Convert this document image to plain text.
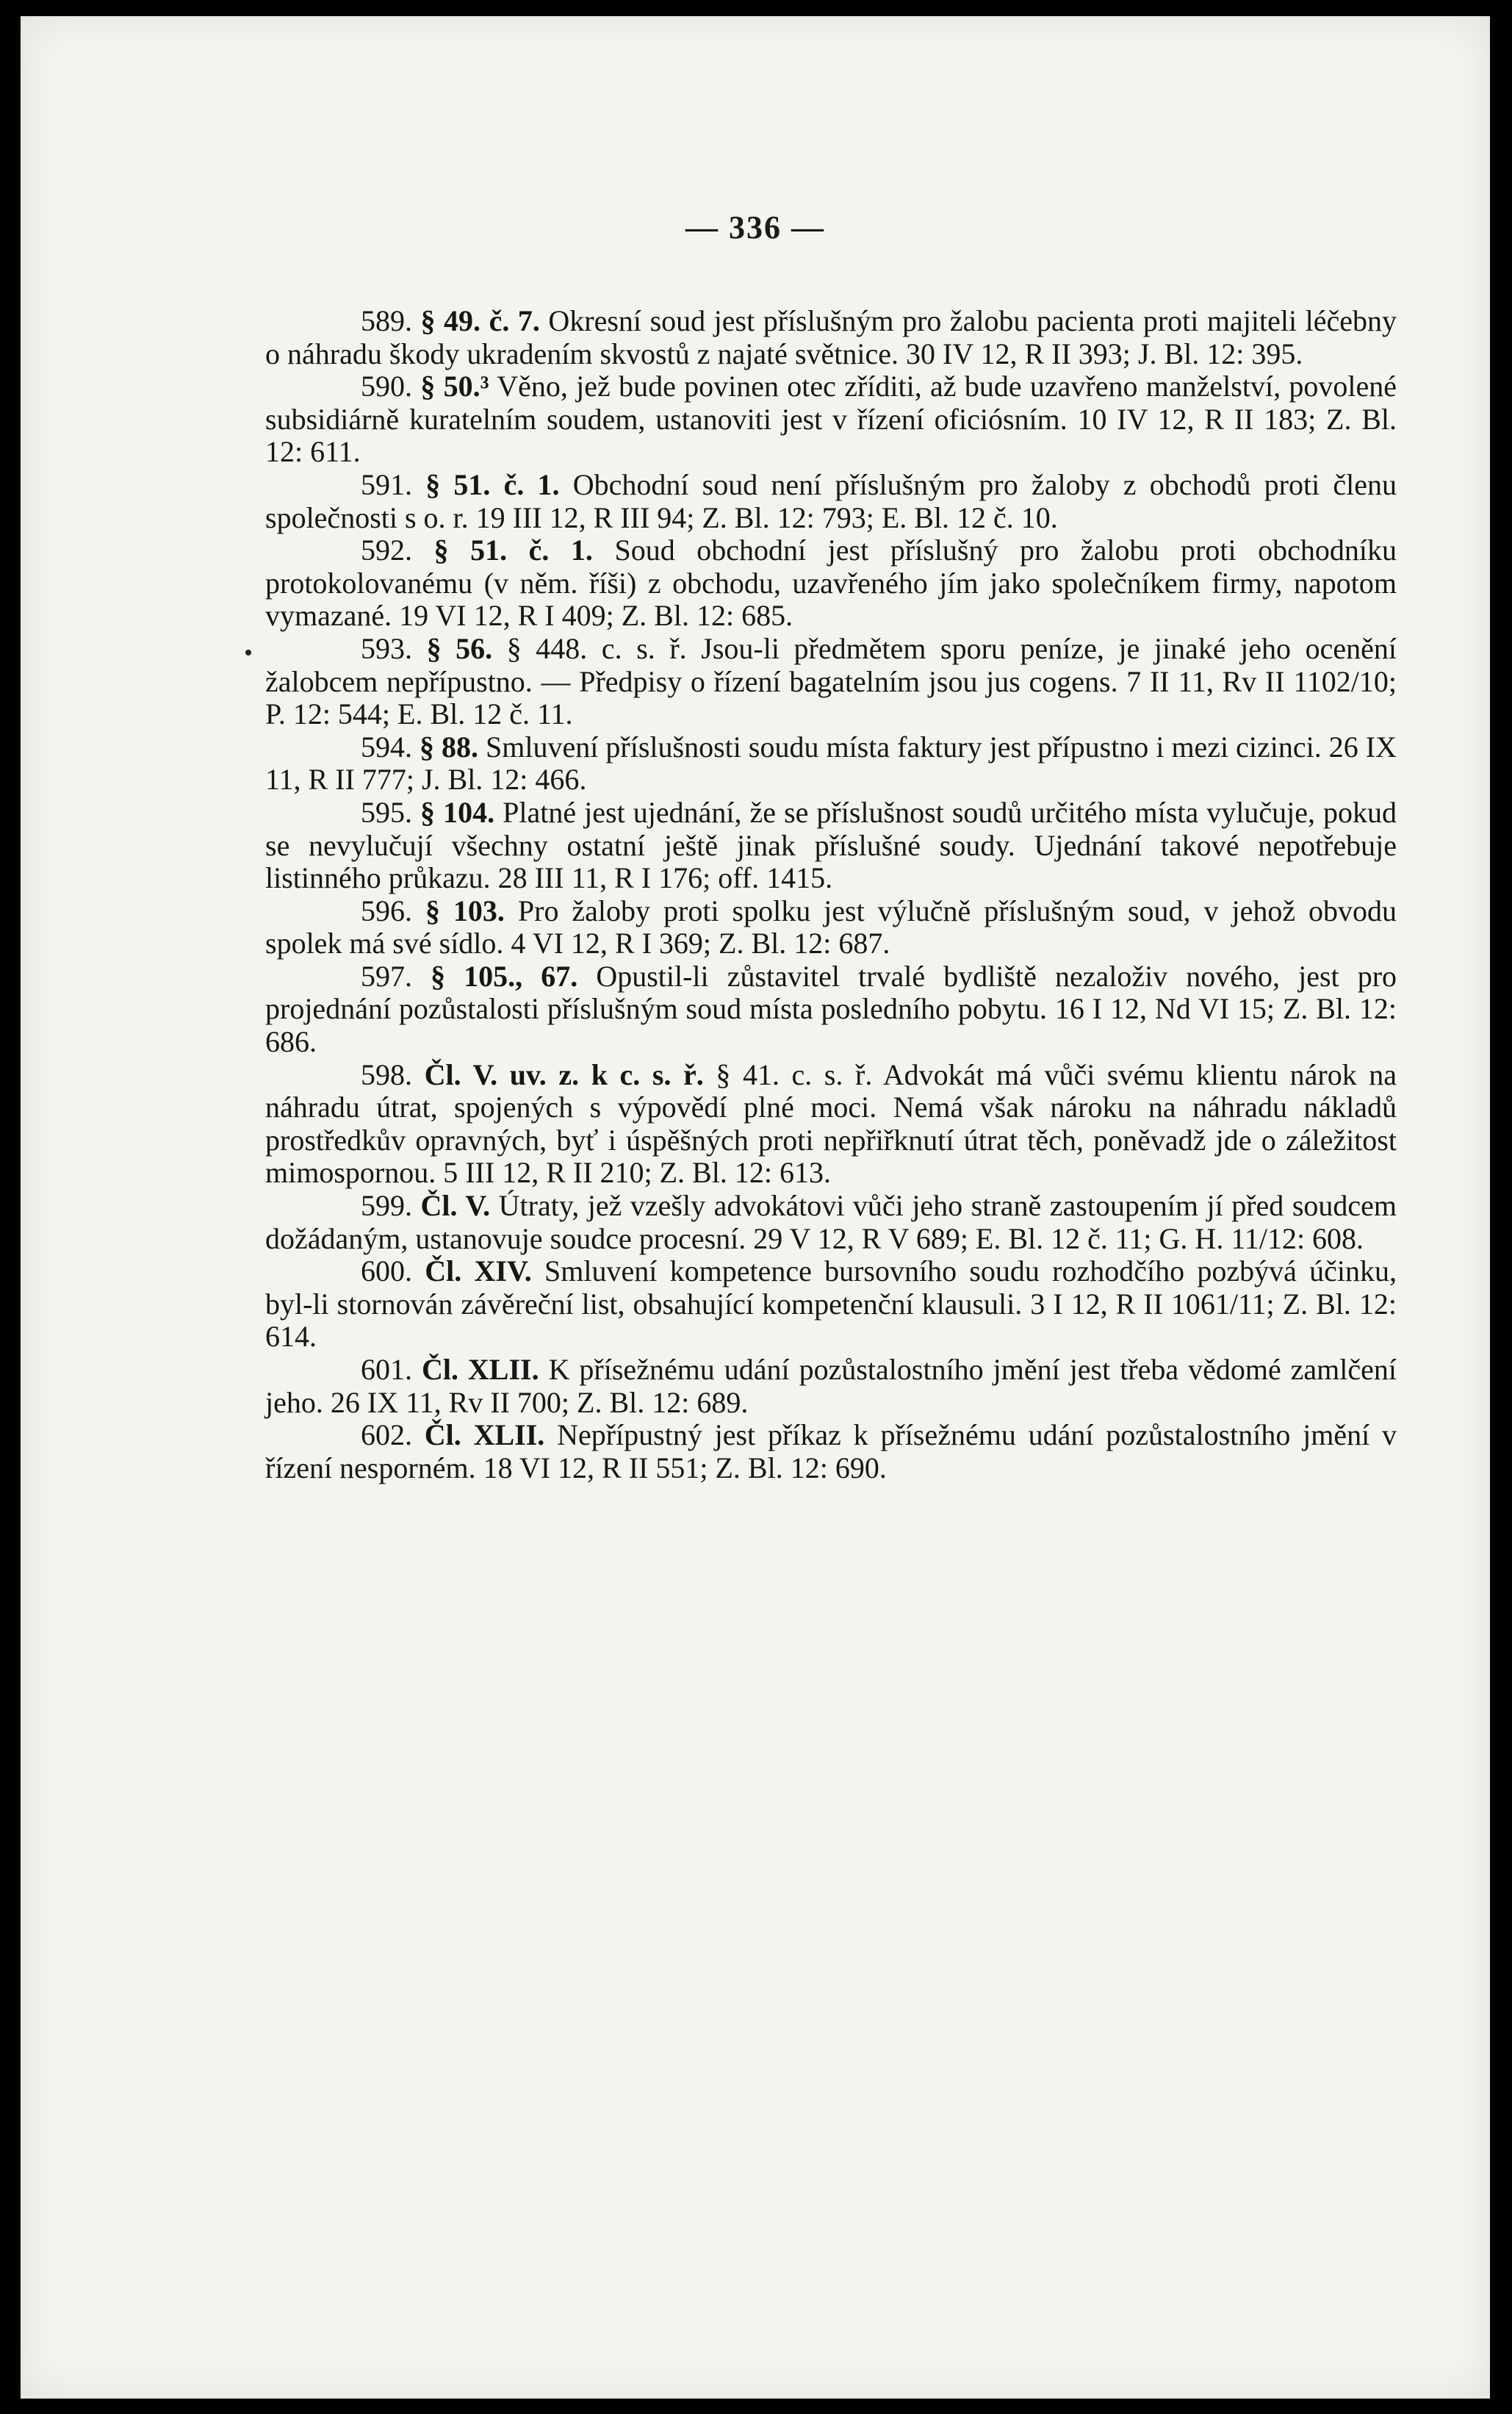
— 336 —

589. § 49. č. 7. Okresní soud jest příslušným pro žalobu pacienta proti majiteli léčebny o náhradu škody ukradením skvostů z najaté světnice. 30 IV 12, R II 393; J. Bl. 12: 395.

590. § 50.³ Věno, jež bude povinen otec zříditi, až bude uzavřeno manželství, povolené subsidiárně kuratelním soudem, ustanoviti jest v řízení oficiósním. 10 IV 12, R II 183; Z. Bl. 12: 611.

591. § 51. č. 1. Obchodní soud není příslušným pro žaloby z obchodů proti členu společnosti s o. r. 19 III 12, R III 94; Z. Bl. 12: 793; E. Bl. 12 č. 10.

592. § 51. č. 1. Soud obchodní jest příslušný pro žalobu proti obchodníku protokolovanému (v něm. říši) z obchodu, uzavřeného jím jako společníkem firmy, napotom vymazané. 19 VI 12, R I 409; Z. Bl. 12: 685.

593. § 56. § 448. c. s. ř. Jsou-li předmětem sporu peníze, je jinaké jeho ocenění žalobcem nepřípustno. — Předpisy o řízení bagatelním jsou jus cogens. 7 II 11, Rv II 1102/10; P. 12: 544; E. Bl. 12 č. 11.

594. § 88. Smluvení příslušnosti soudu místa faktury jest přípustno i mezi cizinci. 26 IX 11, R II 777; J. Bl. 12: 466.

595. § 104. Platné jest ujednání, že se příslušnost soudů určitého místa vylučuje, pokud se nevylučují všechny ostatní ještě jinak příslušné soudy. Ujednání takové nepotřebuje listinného průkazu. 28 III 11, R I 176; off. 1415.

596. § 103. Pro žaloby proti spolku jest výlučně příslušným soud, v jehož obvodu spolek má své sídlo. 4 VI 12, R I 369; Z. Bl. 12: 687.

597. § 105., 67. Opustil-li zůstavitel trvalé bydliště nezaloživ nového, jest pro projednání pozůstalosti příslušným soud místa posledního pobytu. 16 I 12, Nd VI 15; Z. Bl. 12: 686.

598. Čl. V. uv. z. k c. s. ř. § 41. c. s. ř. Advokát má vůči svému klientu nárok na náhradu útrat, spojených s výpovědí plné moci. Nemá však nároku na náhradu nákladů prostředkův opravných, byť i úspěšných proti nepřiřknutí útrat těch, poněvadž jde o záležitost mimospornou. 5 III 12, R II 210; Z. Bl. 12: 613.

599. Čl. V. Útraty, jež vzešly advokátovi vůči jeho straně zastoupením jí před soudcem dožádaným, ustanovuje soudce procesní. 29 V 12, R V 689; E. Bl. 12 č. 11; G. H. 11/12: 608.

600. Čl. XIV. Smluvení kompetence bursovního soudu rozhodčího pozbývá účinku, byl-li stornován závěreční list, obsahující kompetenční klausuli. 3 I 12, R II 1061/11; Z. Bl. 12: 614.

601. Čl. XLII. K přísežnému udání pozůstalostního jmění jest třeba vědomé zamlčení jeho. 26 IX 11, Rv II 700; Z. Bl. 12: 689.

602. Čl. XLII. Nepřípustný jest příkaz k přísežnému udání pozůstalostního jmění v řízení nesporném. 18 VI 12, R II 551; Z. Bl. 12: 690.
